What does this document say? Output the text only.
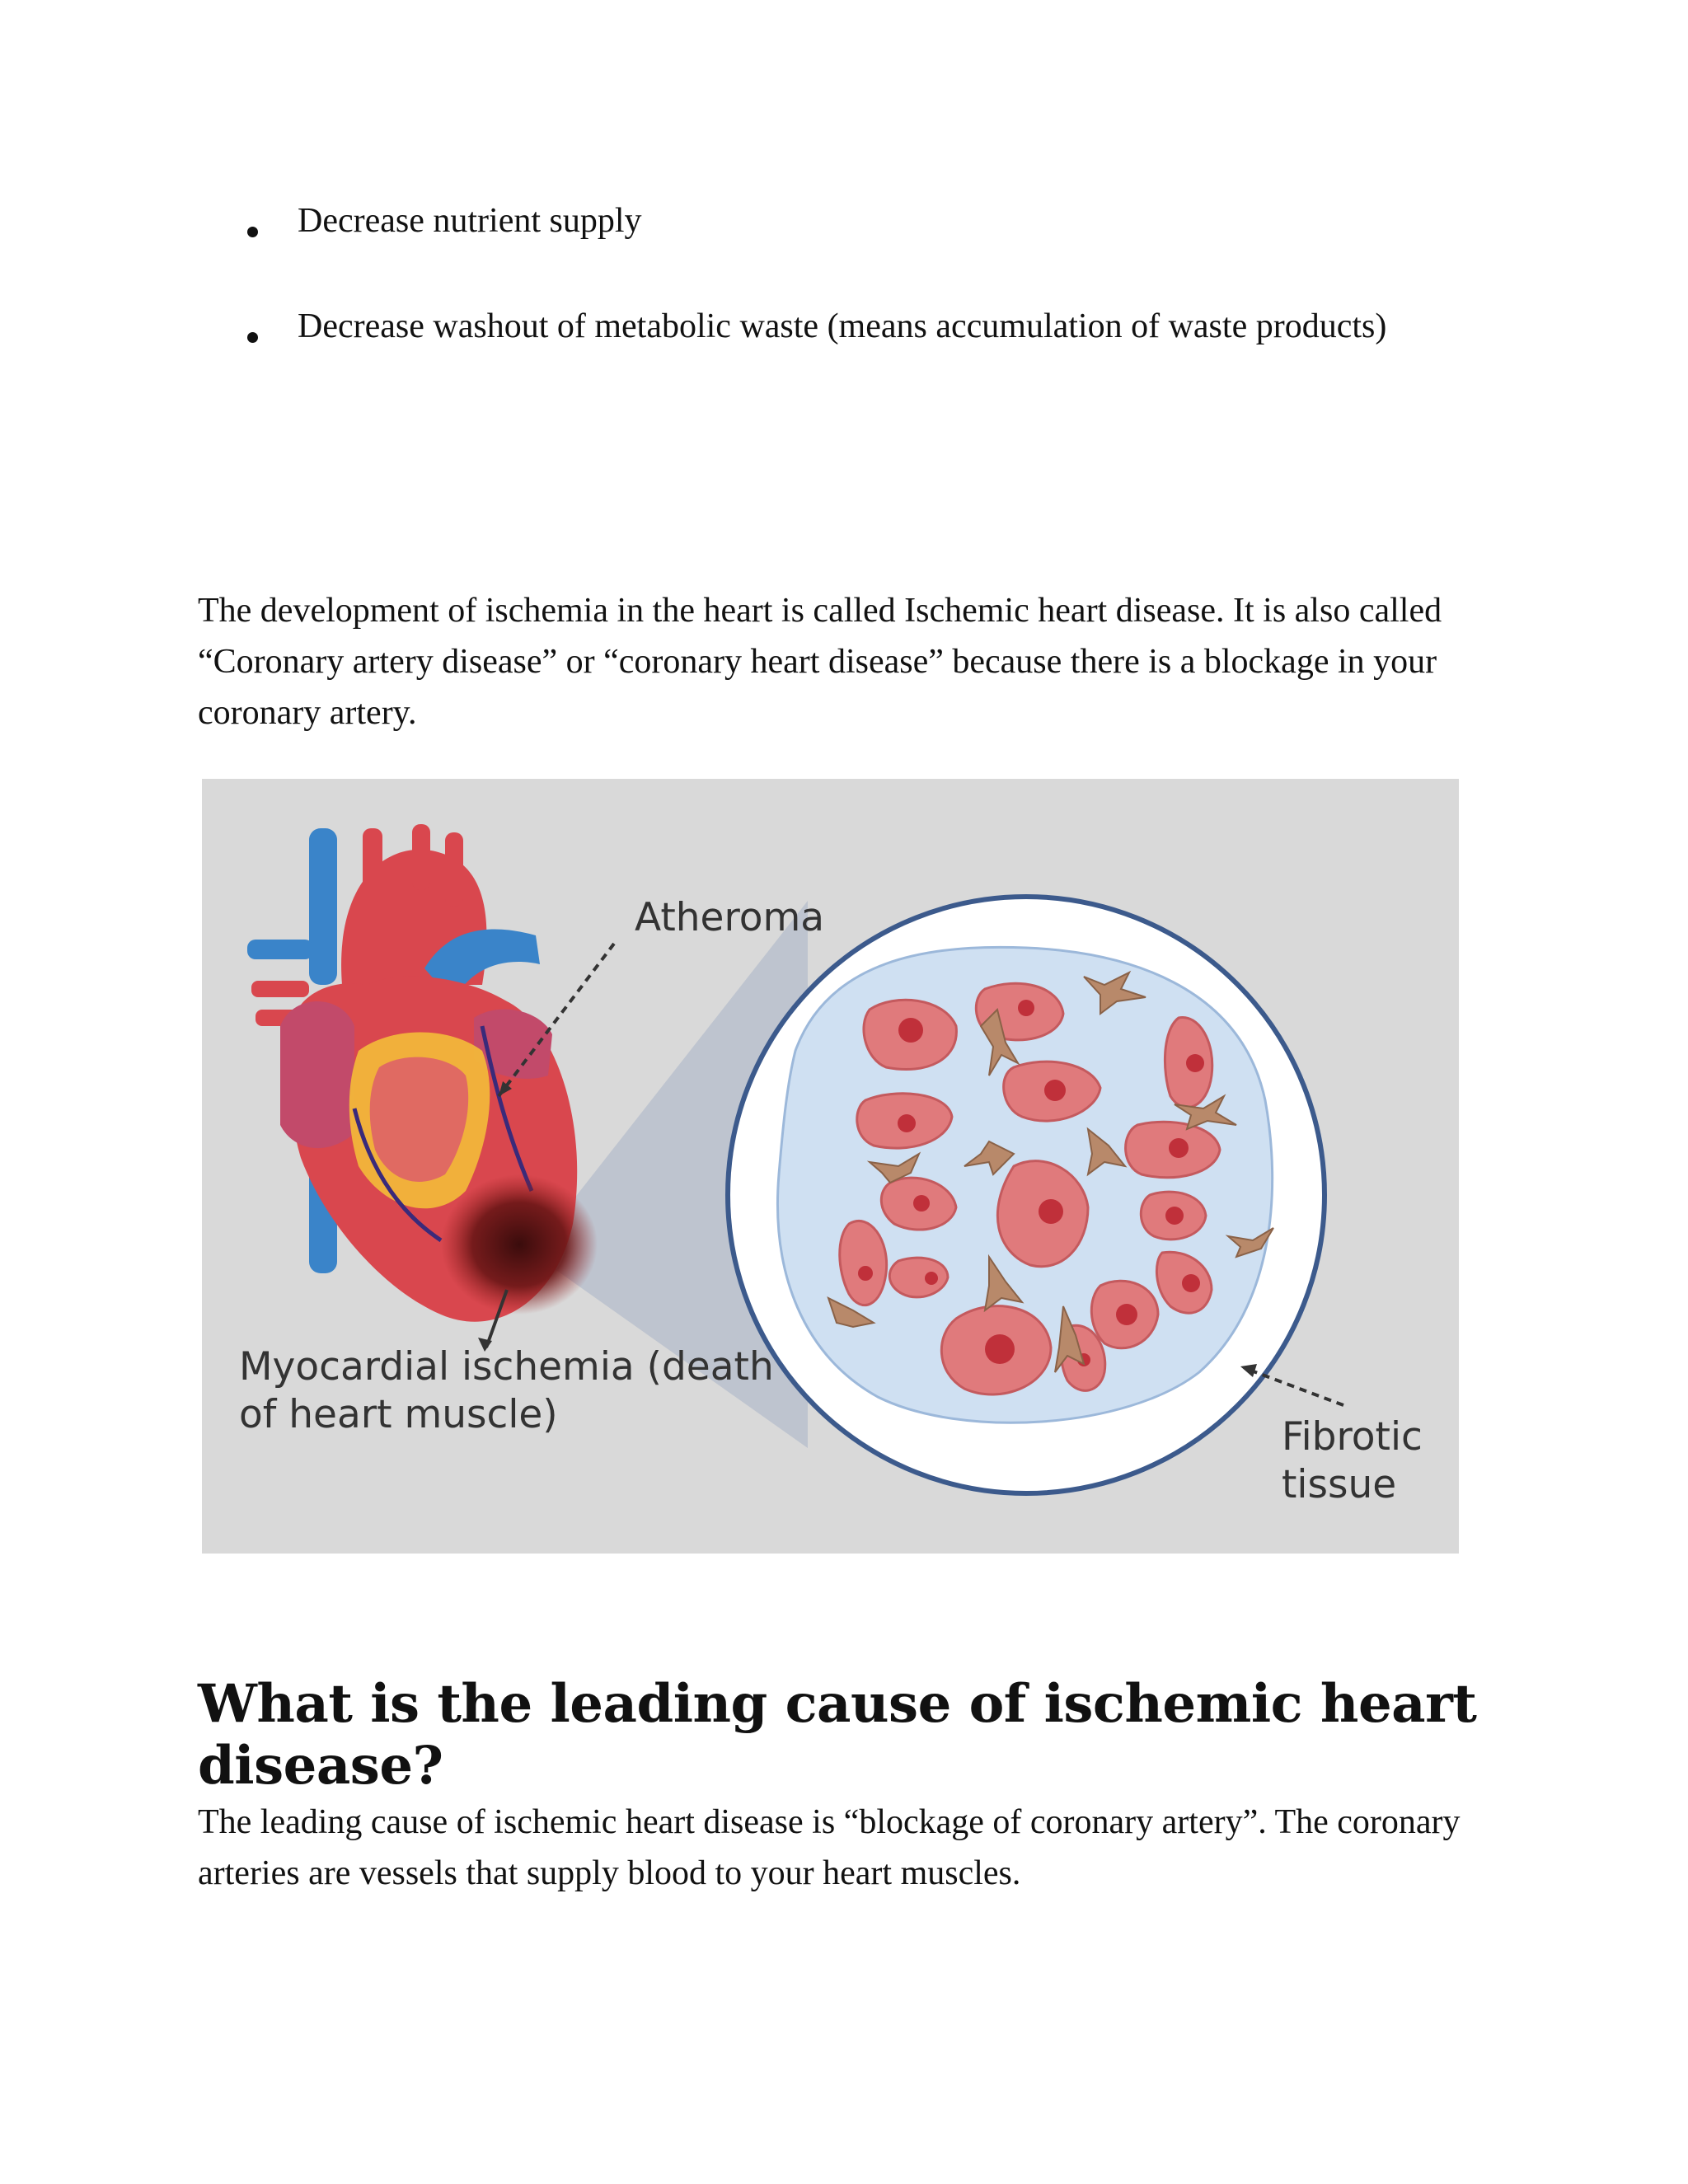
Decrease nutrient supply
Decrease washout of metabolic waste (means accumulation of waste products)

The development of ischemia in the heart is called Ischemic heart disease. It is also called “Coronary artery disease” or “coronary heart disease” because there is a blockage in your coronary artery.

Atheroma

Myocardial ischemia (death of heart muscle)	Fibrotic tissue

What is the leading cause of ischemic heart disease?

The leading cause of ischemic heart disease is “blockage of coronary artery”. The coronary arteries are vessels that supply blood to your heart muscles.
